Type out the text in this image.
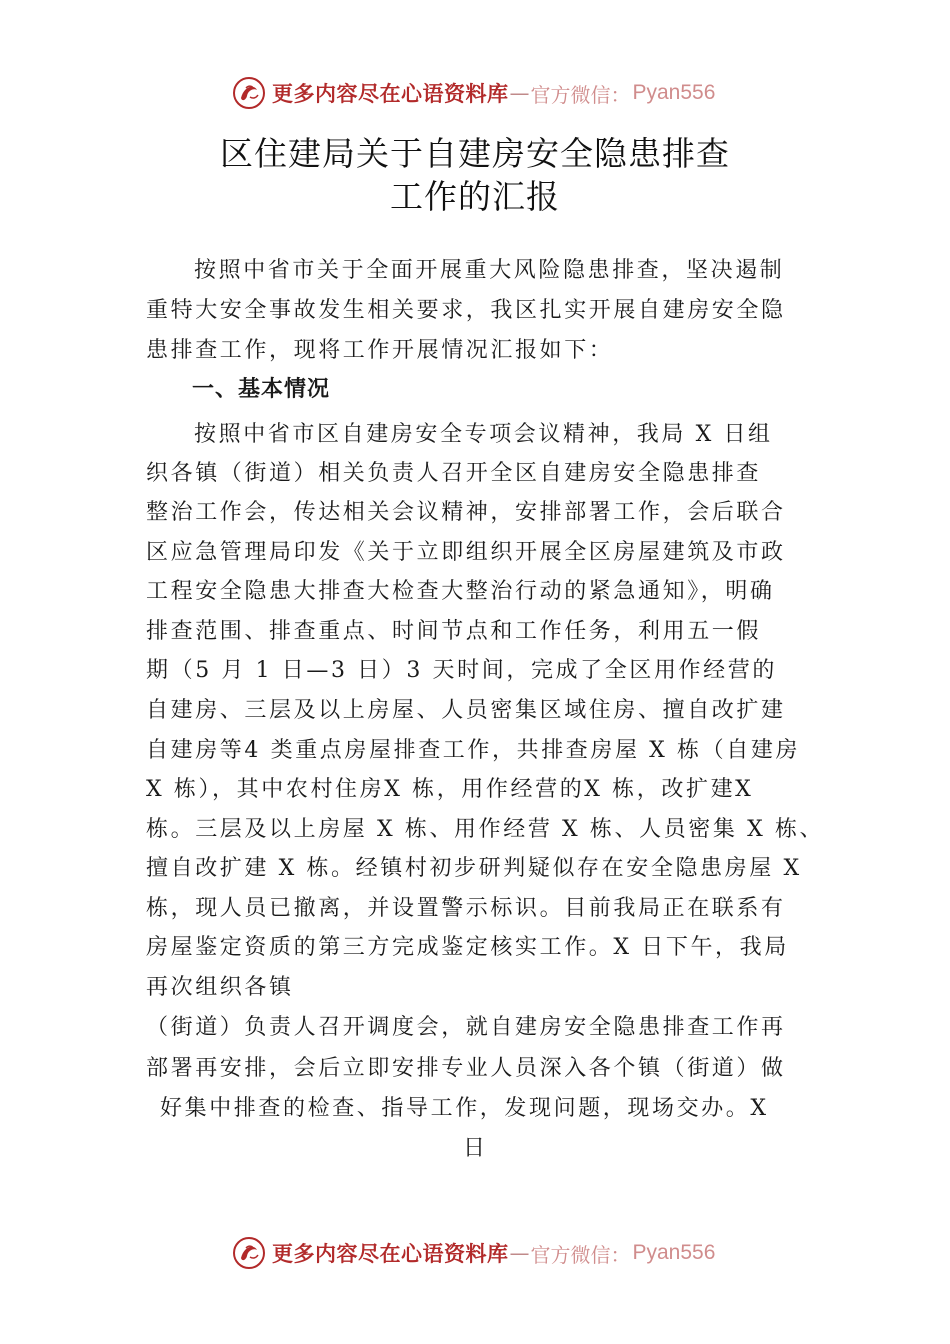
更多内容尽在心语资料库 — 官方微信： Pyan556
区住建局关于自建房安全隐患排查
工作的汇报
按照中省市关于全面开展重大风险隐患排查，坚决遏制
重特大安全事故发生相关要求，我区扎实开展自建房安全隐
患排查工作，现将工作开展情况汇报如下：
一、基本情况
按照中省市区自建房安全专项会议精神，我局 X 日组
织各镇（街道）相关负责人召开全区自建房安全隐患排查
整治工作会，传达相关会议精神，安排部署工作，会后联合
区应急管理局印发《关于立即组织开展全区房屋建筑及市政
工程安全隐患大排查大检查大整治行动的紧急通知》，明确
排查范围、排查重点、时间节点和工作任务，利用五一假
期（5 月 1 日—3 日）3 天时间，完成了全区用作经营的
自建房、三层及以上房屋、人员密集区域住房、擅自改扩建
自建房等4 类重点房屋排查工作，共排查房屋 X 栋（自建房
X 栋），其中农村住房X 栋，用作经营的X 栋，改扩建X
栋。三层及以上房屋 X 栋、用作经营 X 栋、人员密集 X 栋、
擅自改扩建 X 栋。经镇村初步研判疑似存在安全隐患房屋 X
栋，现人员已撤离，并设置警示标识。目前我局正在联系有
房屋鉴定资质的第三方完成鉴定核实工作。X 日下午，我局
再次组织各镇
（街道）负责人召开调度会，就自建房安全隐患排查工作再
部署再安排，会后立即安排专业人员深入各个镇（街道）做
好集中排查的检查、指导工作，发现问题，现场交办。X
日
更多内容尽在心语资料库 — 官方微信： Pyan556
